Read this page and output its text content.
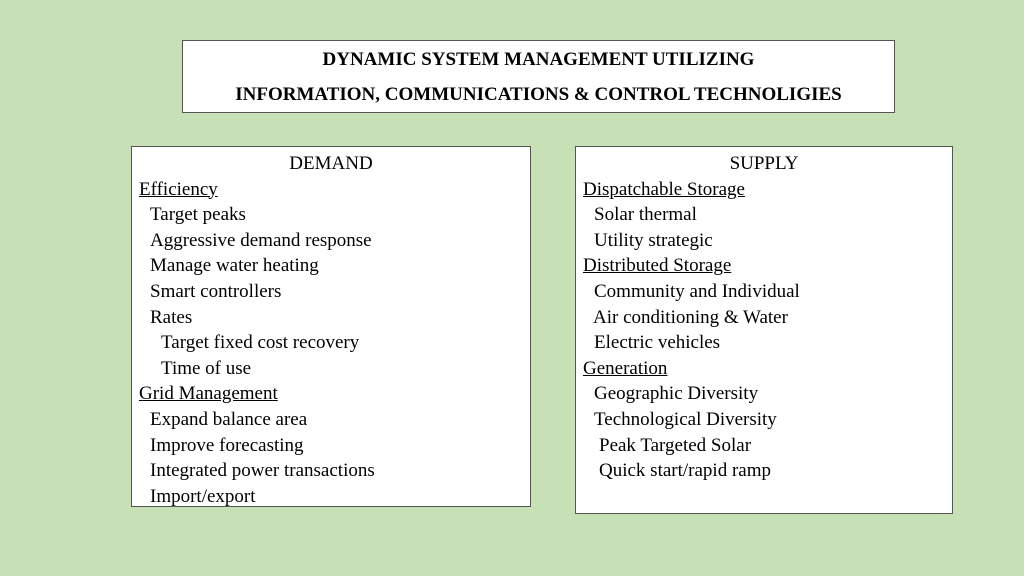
DYNAMIC SYSTEM MANAGEMENT UTILIZING
INFORMATION, COMMUNICATIONS & CONTROL TECHNOLIGIES
DEMAND
Efficiency
Target peaks
Aggressive demand response
Manage water heating
Smart controllers
Rates
Target fixed cost recovery
Time of use
Grid Management
Expand balance area
Improve forecasting
Integrated power transactions
Import/export
SUPPLY
Dispatchable Storage
Solar thermal
Utility strategic
Distributed Storage
Community and Individual
Air conditioning & Water
Electric vehicles
Generation
Geographic Diversity
Technological Diversity
Peak Targeted Solar
Quick start/rapid ramp
